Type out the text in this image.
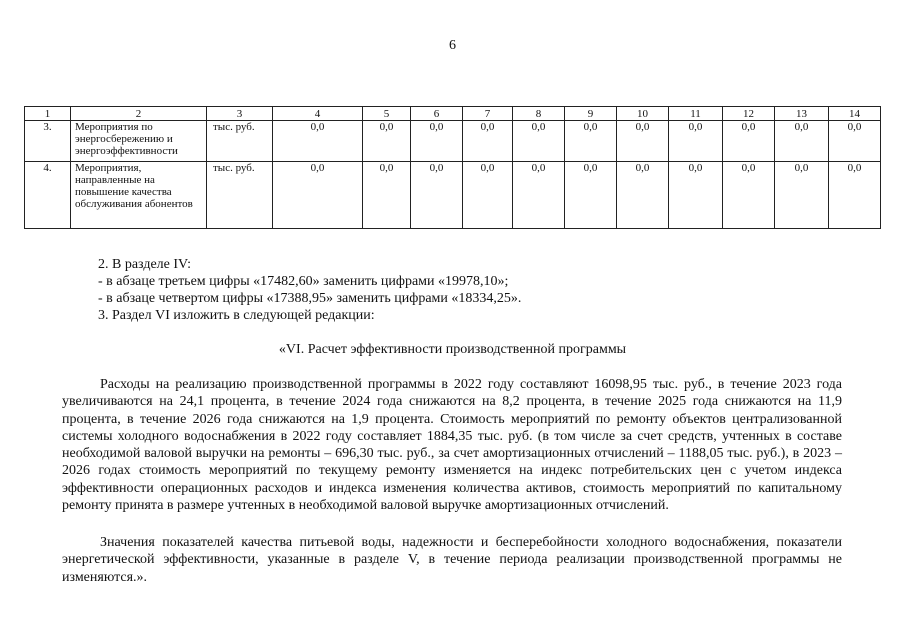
6
1	2	3	4	5	6	7	8	9	10	11	12	13	14
3.	Мероприятия по энергосбережению и энергоэффективности	тыс. руб.	0,0	0,0	0,0	0,0	0,0	0,0	0,0	0,0	0,0	0,0	0,0
4.	Мероприятия, направленные на повышение качества обслуживания абонентов	тыс. руб.	0,0	0,0	0,0	0,0	0,0	0,0	0,0	0,0	0,0	0,0	0,0
2. В разделе IV:
- в абзаце третьем цифры «17482,60» заменить цифрами «19978,10»;
- в абзаце четвертом цифры «17388,95» заменить цифрами «18334,25».
3. Раздел VI изложить в следующей редакции:
«VI. Расчет эффективности производственной программы

Расходы на реализацию производственной программы в 2022 году составляют 16098,95 тыс. руб., в течение 2023 года увеличиваются на 24,1 процента, в течение 2024 года снижаются на 8,2 процента, в течение 2025 года снижаются на 11,9 процента, в течение 2026 года снижаются на 1,9 процента. Стоимость мероприятий по ремонту объектов централизованной системы холодного водоснабжения в 2022 году составляет 1884,35 тыс. руб. (в том числе за счет средств, учтенных в составе необходимой валовой выручки на ремонты – 696,30 тыс. руб., за счет амортизационных отчислений – 1188,05 тыс. руб.), в 2023 – 2026 годах стоимость мероприятий по текущему ремонту изменяется на индекс потребительских цен с учетом индекса эффективности операционных расходов и индекса изменения количества активов, стоимость мероприятий по капитальному ремонту принята в размере учтенных в необходимой валовой выручке амортизационных отчислений.

Значения показателей качества питьевой воды, надежности и бесперебойности холодного водоснабжения, показатели энергетической эффективности, указанные в разделе V, в течение периода реализации производственной программы не изменяются.».
